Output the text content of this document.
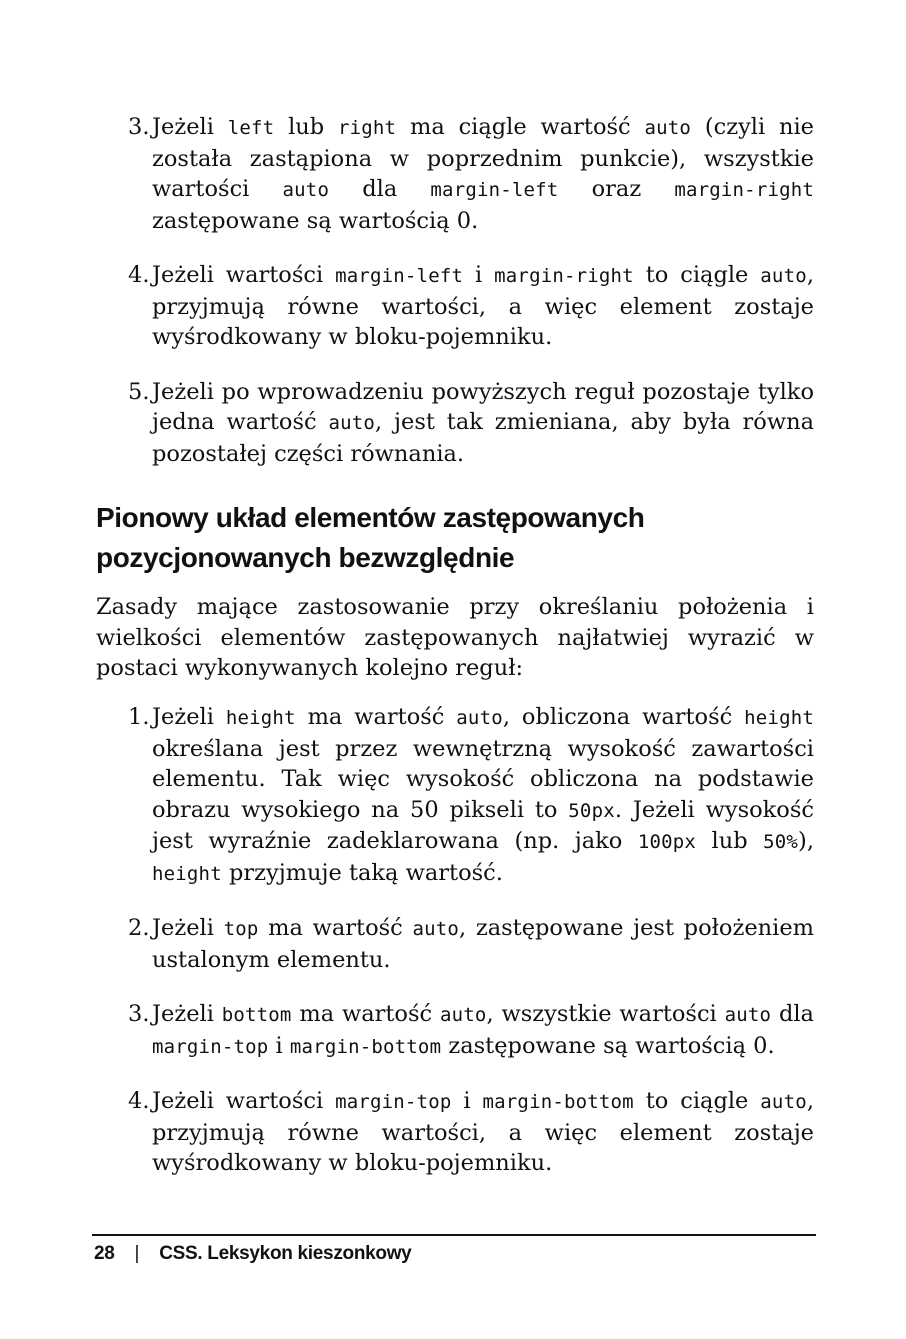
3. Jeżeli left lub right ma ciągle wartość auto (czyli nie została zastąpiona w poprzednim punkcie), wszystkie wartości auto dla margin-left oraz margin-right zastępowane są wartością 0.
4. Jeżeli wartości margin-left i margin-right to ciągle auto, przyjmują równe wartości, a więc element zostaje wyśrodkowany w bloku-pojemniku.
5. Jeżeli po wprowadzeniu powyższych reguł pozostaje tylko jedna wartość auto, jest tak zmieniana, aby była równa pozostałej części równania.
Pionowy układ elementów zastępowanych
pozycjonowanych bezwzględnie

Zasady mające zastosowanie przy określaniu położenia i wielkości elementów zastępowanych najłatwiej wyrazić w postaci wykonywanych kolejno reguł:

1. Jeżeli height ma wartość auto, obliczona wartość height określana jest przez wewnętrzną wysokość zawartości elementu. Tak więc wysokość obliczona na podstawie obrazu wysokiego na 50 pikseli to 50px. Jeżeli wysokość jest wyraźnie zadeklarowana (np. jako 100px lub 50%), height przyjmuje taką wartość.
2. Jeżeli top ma wartość auto, zastępowane jest położeniem ustalonym elementu.
3. Jeżeli bottom ma wartość auto, wszystkie wartości auto dla margin-top i margin-bottom zastępowane są wartością 0.
4. Jeżeli wartości margin-top i margin-bottom to ciągle auto, przyjmują równe wartości, a więc element zostaje wyśrodkowany w bloku-pojemniku.
28 | CSS. Leksykon kieszonkowy
